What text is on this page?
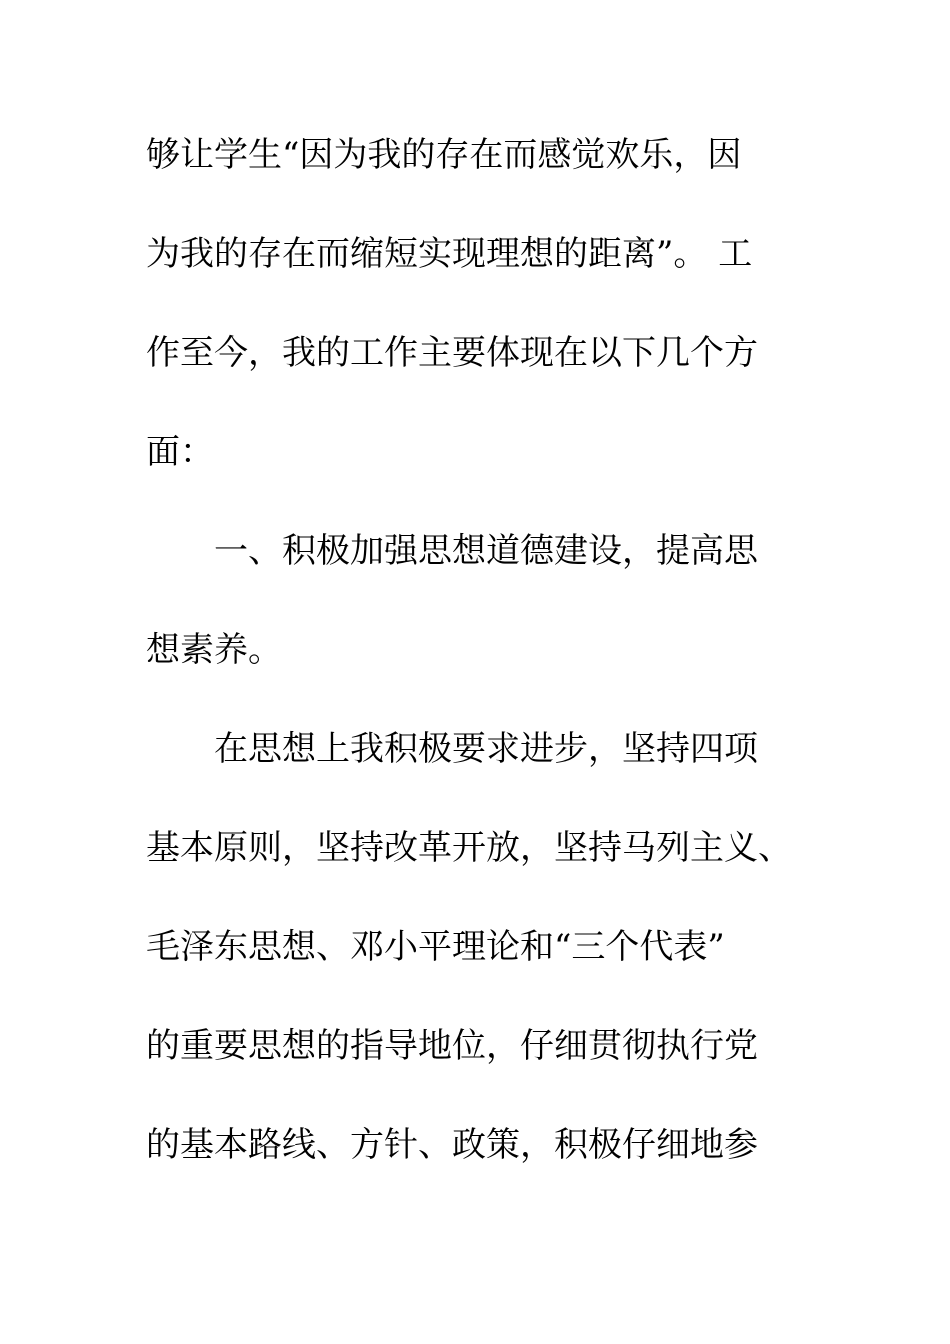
够让学生“因为我的存在而感觉欢乐，因

为我的存在而缩短实现理想的距离”。 工

作至今，我的工作主要体现在以下几个方

面：

一、积极加强思想道德建设，提高思

想素养。

在思想上我积极要求进步，坚持四项

基本原则，坚持改革开放，坚持马列主义、

毛泽东思想、邓小平理论和“三个代表”

的重要思想的指导地位，仔细贯彻执行党

的基本路线、方针、政策，积极仔细地参
